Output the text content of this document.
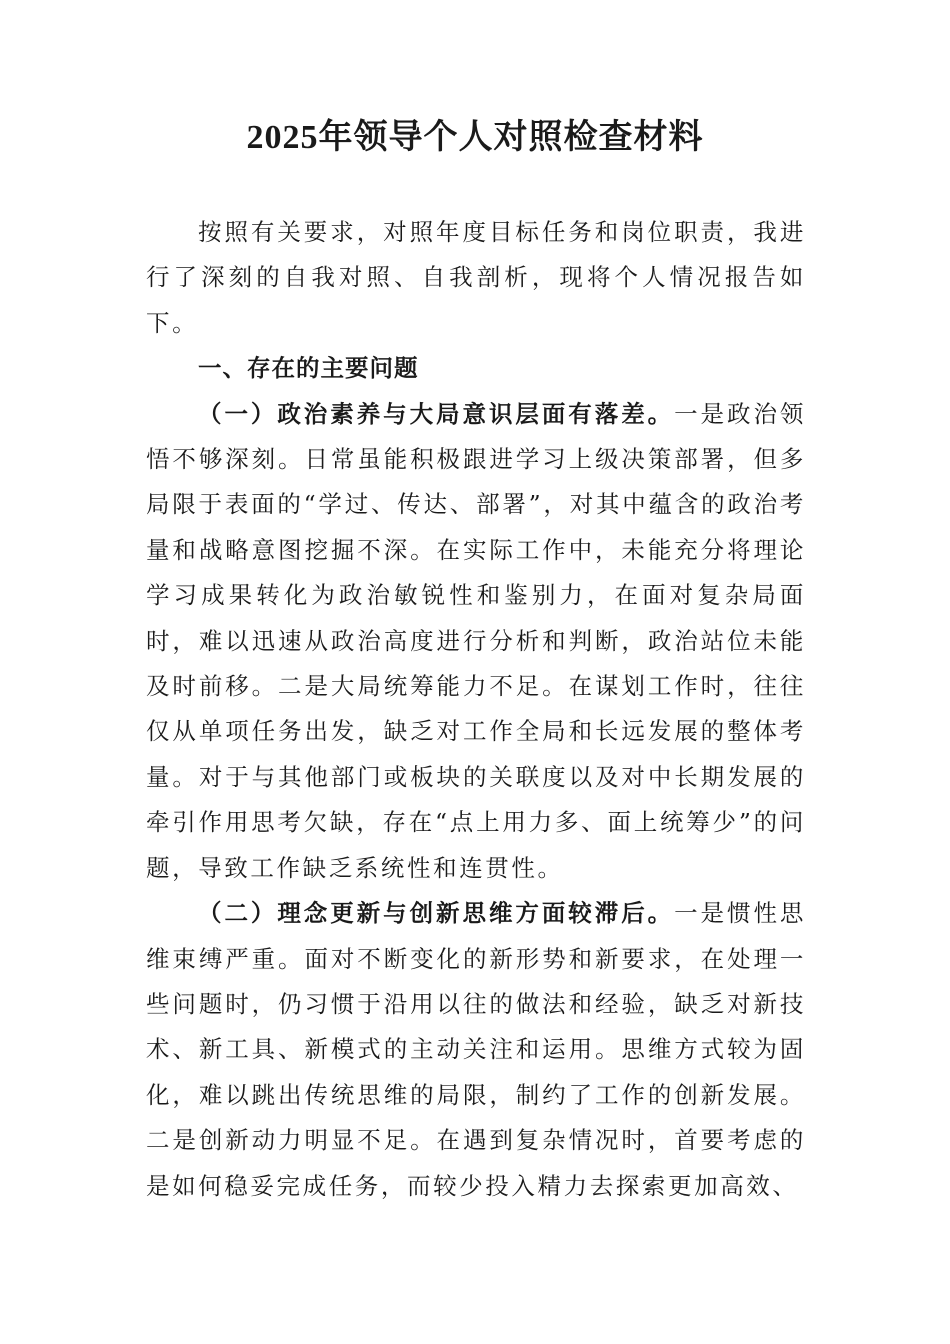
2025年领导个人对照检查材料

按照有关要求，对照年度目标任务和岗位职责，我进行了深刻的自我对照、自我剖析，现将个人情况报告如下。

一、存在的主要问题

（一）政治素养与大局意识层面有落差。一是政治领悟不够深刻。日常虽能积极跟进学习上级决策部署，但多局限于表面的“学过、传达、部署”，对其中蕴含的政治考量和战略意图挖掘不深。在实际工作中，未能充分将理论学习成果转化为政治敏锐性和鉴别力，在面对复杂局面时，难以迅速从政治高度进行分析和判断，政治站位未能及时前移。二是大局统筹能力不足。在谋划工作时，往往仅从单项任务出发，缺乏对工作全局和长远发展的整体考量。对于与其他部门或板块的关联度以及对中长期发展的牵引作用思考欠缺，存在“点上用力多、面上统筹少”的问题，导致工作缺乏系统性和连贯性。

（二）理念更新与创新思维方面较滞后。一是惯性思维束缚严重。面对不断变化的新形势和新要求，在处理一些问题时，仍习惯于沿用以往的做法和经验，缺乏对新技术、新工具、新模式的主动关注和运用。思维方式较为固化，难以跳出传统思维的局限，制约了工作的创新发展。二是创新动力明显不足。在遇到复杂情况时，首要考虑的是如何稳妥完成任务，而较少投入精力去探索更加高效、
